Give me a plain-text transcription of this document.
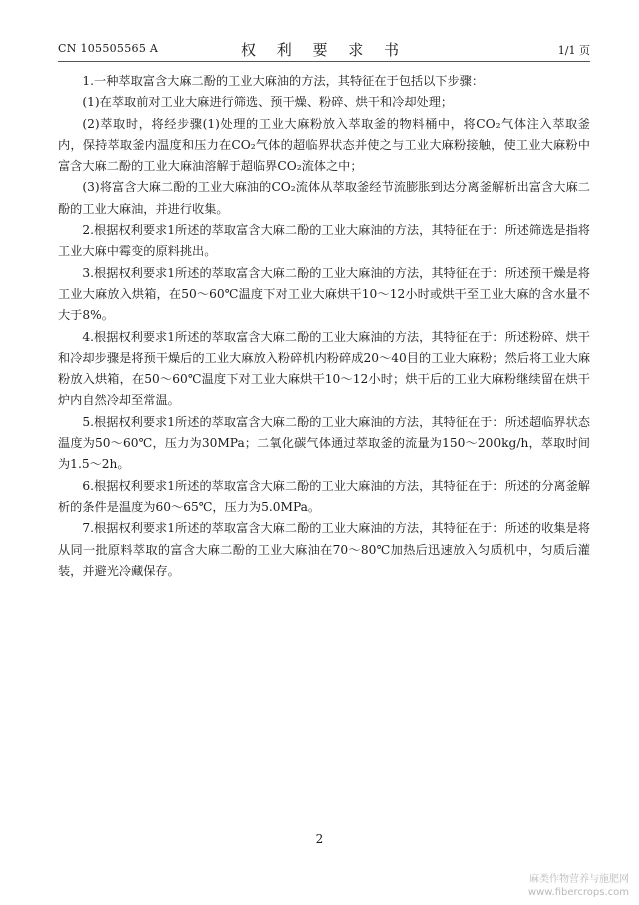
CN 105505565 A	权 利 要 求 书	1/1 页

1.一种萃取富含大麻二酚的工业大麻油的方法，其特征在于包括以下步骤：

(1)在萃取前对工业大麻进行筛选、预干燥、粉碎、烘干和冷却处理；

(2)萃取时，将经步骤(1)处理的工业大麻粉放入萃取釜的物料桶中，将CO₂气体注入萃取釜内，保持萃取釜内温度和压力在CO₂气体的超临界状态并使之与工业大麻粉接触，使工业大麻粉中富含大麻二酚的工业大麻油溶解于超临界CO₂流体之中；

(3)将富含大麻二酚的工业大麻油的CO₂流体从萃取釜经节流膨胀到达分离釜解析出富含大麻二酚的工业大麻油，并进行收集。

2.根据权利要求1所述的萃取富含大麻二酚的工业大麻油的方法，其特征在于：所述筛选是指将工业大麻中霉变的原料挑出。

3.根据权利要求1所述的萃取富含大麻二酚的工业大麻油的方法，其特征在于：所述预干燥是将工业大麻放入烘箱，在50～60℃温度下对工业大麻烘干10～12小时或烘干至工业大麻的含水量不大于8%。

4.根据权利要求1所述的萃取富含大麻二酚的工业大麻油的方法，其特征在于：所述粉碎、烘干和冷却步骤是将预干燥后的工业大麻放入粉碎机内粉碎成20～40目的工业大麻粉；然后将工业大麻粉放入烘箱，在50～60℃温度下对工业大麻烘干10～12小时；烘干后的工业大麻粉继续留在烘干炉内自然冷却至常温。

5.根据权利要求1所述的萃取富含大麻二酚的工业大麻油的方法，其特征在于：所述超临界状态温度为50～60℃，压力为30MPa；二氧化碳气体通过萃取釜的流量为150～200kg/h，萃取时间为1.5～2h。

6.根据权利要求1所述的萃取富含大麻二酚的工业大麻油的方法，其特征在于：所述的分离釜解析的条件是温度为60～65℃，压力为5.0MPa。

7.根据权利要求1所述的萃取富含大麻二酚的工业大麻油的方法，其特征在于：所述的收集是将从同一批原料萃取的富含大麻二酚的工业大麻油在70～80℃加热后迅速放入匀质机中，匀质后灌装，并避光冷藏保存。

2
麻类作物营养与施肥网
www.fibercrops.com
